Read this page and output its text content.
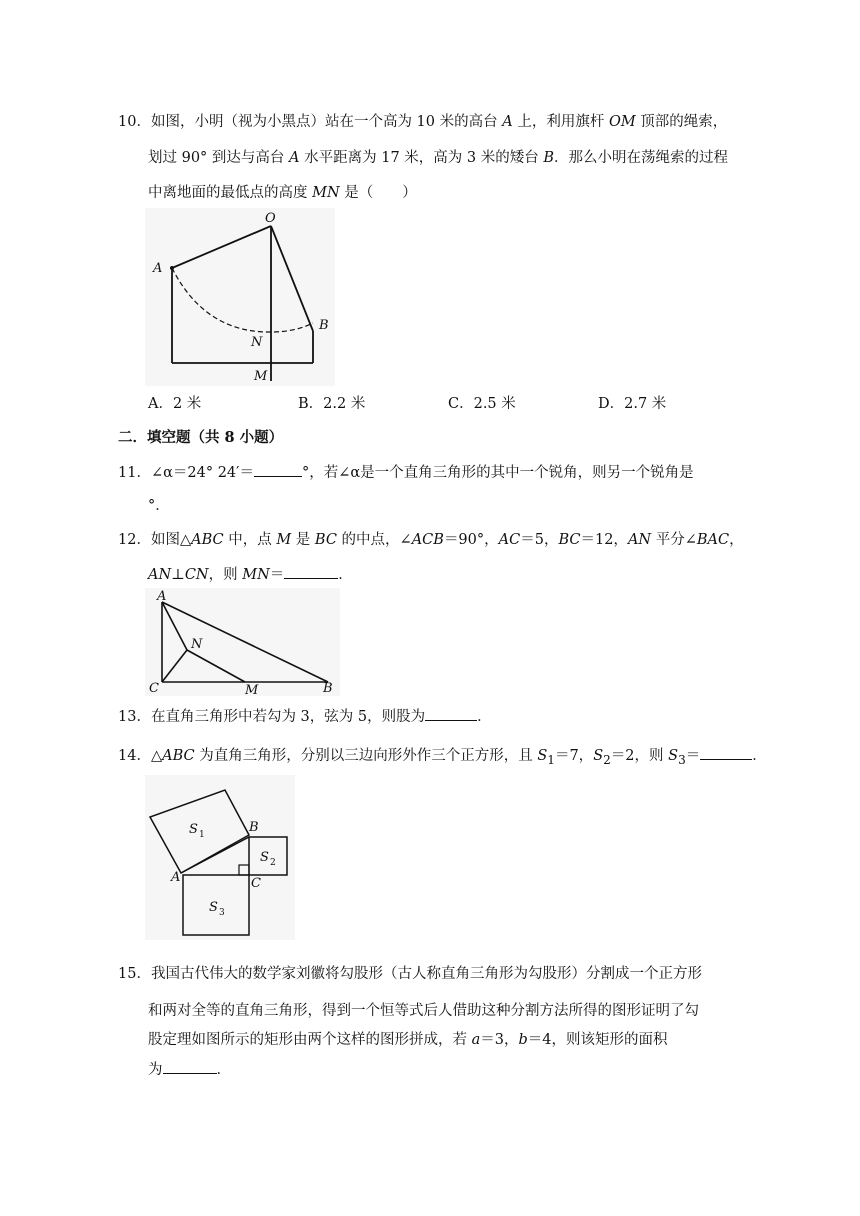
10．如图，小明（视为小黑点）站在一个高为 10 米的高台 A 上，利用旗杆 OM 顶部的绳索，
划过 90° 到达与高台 A 水平距离为 17 米，高为 3 米的矮台 B．那么小明在荡绳索的过程
中离地面的最低点的高度 MN 是（　　）
A
O
B
N
M
A．2 米	B．2.2 米	C．2.5 米	D．2.7 米
二．填空题（共 8 小题）
11．∠α＝24° 24′＝	°，若∠α是一个直角三角形的其中一个锐角，则另一个锐角是
°．
12．如图△ABC 中，点 M 是 BC 的中点，∠ACB＝90°，AC＝5，BC＝12，AN 平分∠BAC，
AN⊥CN，则 MN＝	．
A
N
C	M	B
13．在直角三角形中若勾为 3，弦为 5，则股为	．
14．△ABC 为直角三角形，分别以三边向形外作三个正方形，且 $S_1=7$，$S_2=2$，则 $S_3=$	．
S 1
S 2
S 3
A
B
C
15．我国古代伟大的数学家刘徽将勾股形（古人称直角三角形为勾股形）分割成一个正方形
和两对全等的直角三角形，得到一个恒等式后人借助这种分割方法所得的图形证明了勾
股定理如图所示的矩形由两个这样的图形拼成，若 a＝3，b＝4，则该矩形的面积
为	．
